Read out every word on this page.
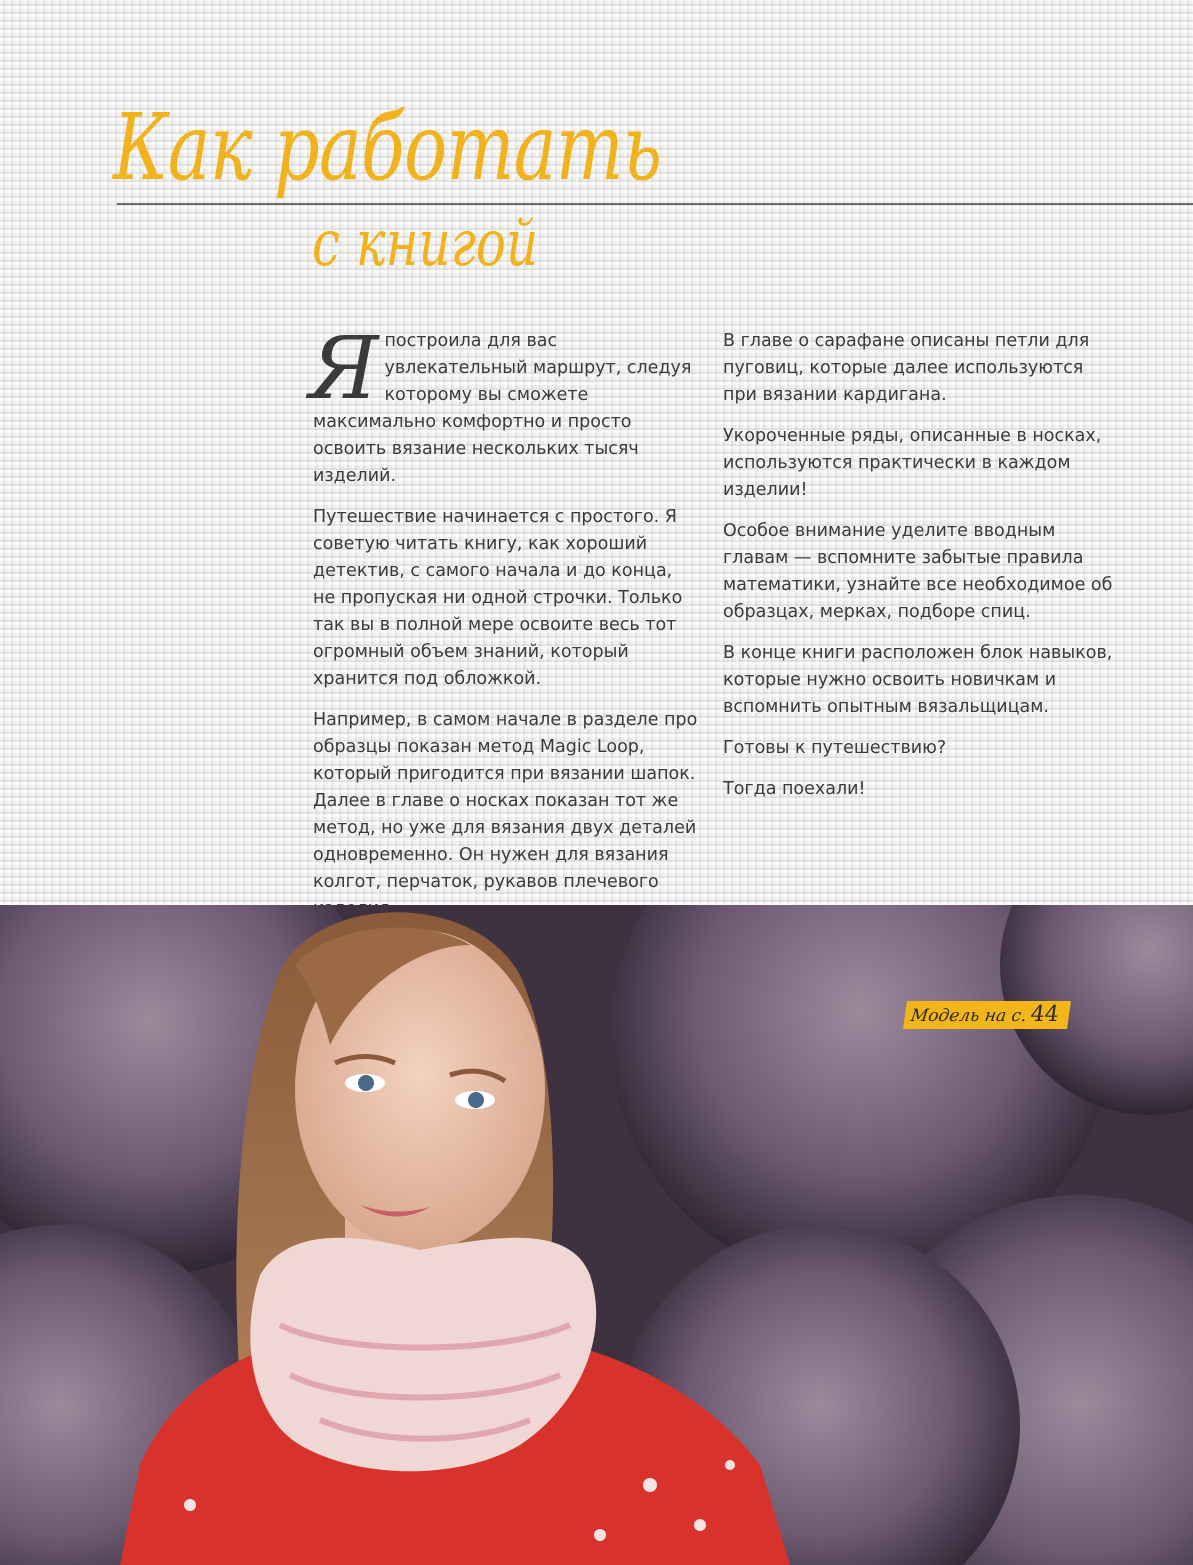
Как работать
с книгой

Япостроила для вас увлекательный маршрут, следуя которому вы сможете максимально комфортно и просто освоить вязание нескольких тысяч изделий.

Путешествие начинается с простого. Я советую читать книгу, как хороший детектив, с самого начала и до конца, не пропуская ни одной строчки. Только так вы в полной мере освоите весь тот огромный объем знаний, который хранится под обложкой.

Например, в самом начале в разделе про образцы показан метод Magic Loop, который пригодится при вязании шапок. Далее в главе о носках показан тот же метод, но уже для вязания двух деталей одновременно. Он нужен для вязания колгот, перчаток, рукавов плечевого

В главе о сарафане описаны петли для пуговиц, которые далее используются при вязании кардигана.

Укороченные ряды, описанные в носках, используются практически в каждом изделии!

Особое внимание уделите вводным главам — вспомните забытые правила математики, узнайте все необходимое об образцах, мерках, подборе спиц.

В конце книги расположен блок навыков, которые нужно освоить новичкам и вспомнить опытным вязальщицам.

Готовы к путешествию?

Тогда поехали!

Модель на с.44
